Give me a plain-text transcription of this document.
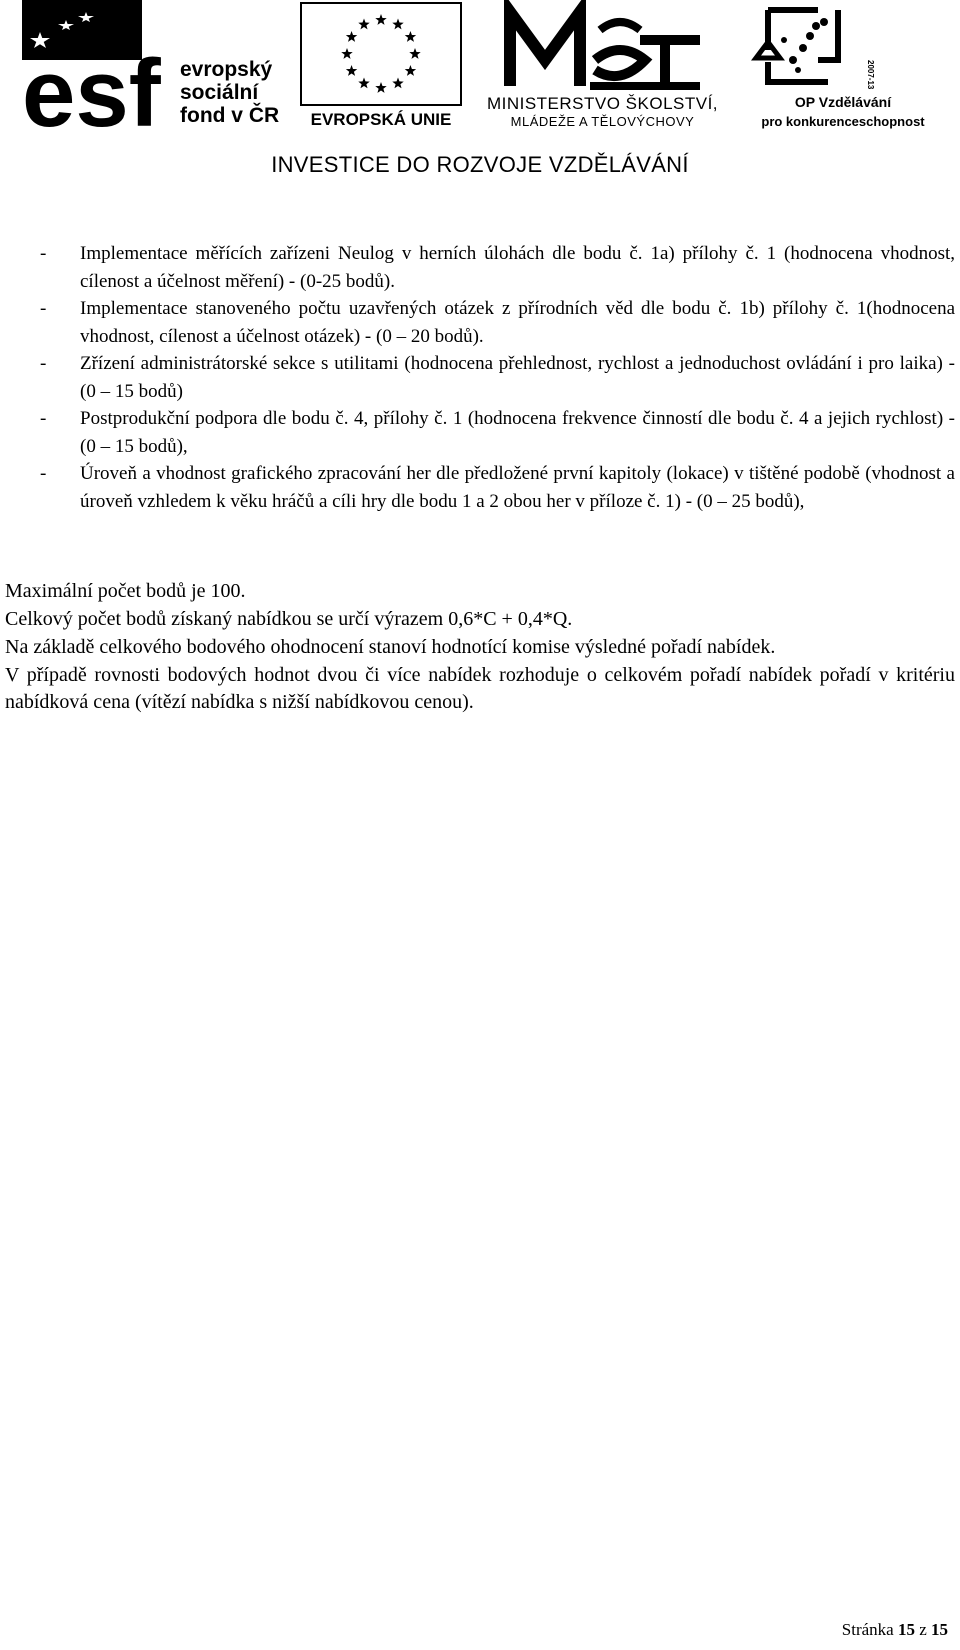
esf evropský
sociální
fond v ČR	EVROPSKÁ UNIE
MINISTERSTVO ŠKOLSTVÍ,
MLÁDEŽE A TĚLOVÝCHOVY
2007-13
OP Vzdělávání
pro konkurenceschopnost
INVESTICE DO ROZVOJE VZDĚLÁVÁNÍ
- Implementace měřících zařízeni Neulog v herních úlohách dle bodu č. 1a) přílohy č. 1 (hodnocena vhodnost, cílenost a účelnost měření) - (0-25 bodů).
- Implementace stanoveného počtu uzavřených otázek z přírodních věd dle bodu č. 1b) přílohy č. 1(hodnocena vhodnost, cílenost a účelnost otázek) - (0 – 20 bodů).
- Zřízení administrátorské sekce s utilitami (hodnocena přehlednost, rychlost a jednoduchost ovládání i pro laika) - (0 – 15 bodů)
- Postprodukční podpora dle bodu č. 4, přílohy č. 1 (hodnocena frekvence činností dle bodu č. 4 a jejich rychlost) - (0 – 15 bodů),
- Úroveň a vhodnost grafického zpracování her dle předložené první kapitoly (lokace) v tištěné podobě (vhodnost a úroveň vzhledem k věku hráčů a cíli hry dle bodu 1 a 2 obou her v příloze č. 1) - (0 – 25 bodů),

Maximální počet bodů je 100.

Celkový počet bodů získaný nabídkou se určí výrazem 0,6*C + 0,4*Q.

Na základě celkového bodového ohodnocení stanoví hodnotící komise výsledné pořadí nabídek.

V případě rovnosti bodových hodnot dvou či více nabídek rozhoduje o celkovém pořadí nabídek pořadí v kritériu nabídková cena (vítězí nabídka s nižší nabídkovou cenou).

Stránka 15 z 15
